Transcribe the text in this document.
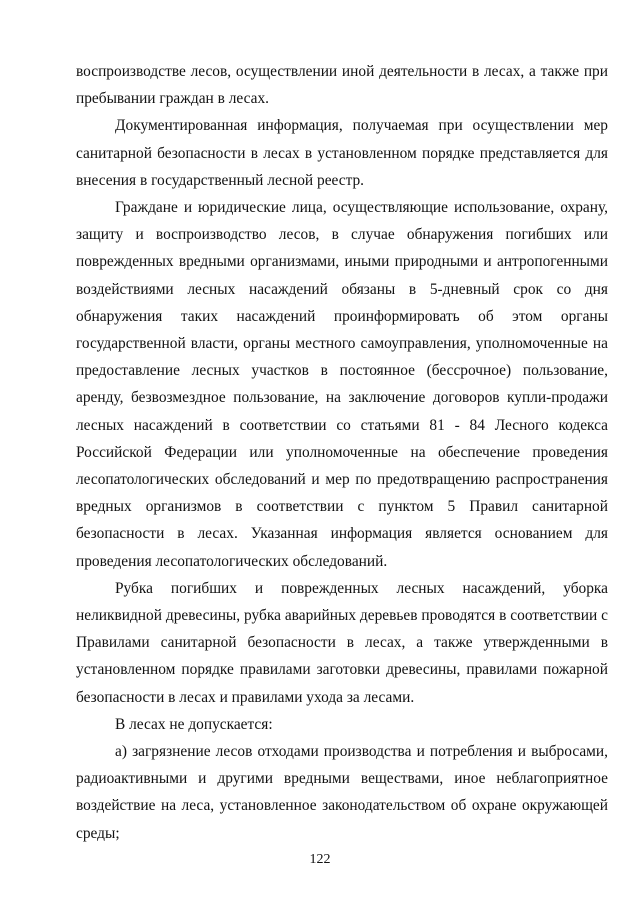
воспроизводстве лесов, осуществлении иной деятельности в лесах, а также при пребывании граждан в лесах.

Документированная информация, получаемая при осуществлении мер санитарной безопасности в лесах в установленном порядке представляется для внесения в государственный лесной реестр.

Граждане и юридические лица, осуществляющие использование, охрану, защиту и воспроизводство лесов, в случае обнаружения погибших или поврежденных вредными организмами, иными природными и антропогенными воздействиями лесных насаждений обязаны в 5-дневный срок со дня обнаружения таких насаждений проинформировать об этом органы государственной власти, органы местного самоуправления, уполномоченные на предоставление лесных участков в постоянное (бессрочное) пользование, аренду, безвозмездное пользование, на заключение договоров купли-продажи лесных насаждений в соответствии со статьями 81 - 84 Лесного кодекса Российской Федерации или уполномоченные на обеспечение проведения лесопатологических обследований и мер по предотвращению распространения вредных организмов в соответствии с пунктом 5 Правил санитарной безопасности в лесах. Указанная информация является основанием для проведения лесопатологических обследований.

Рубка погибших и поврежденных лесных насаждений, уборка неликвидной древесины, рубка аварийных деревьев проводятся в соответствии с Правилами санитарной безопасности в лесах, а также утвержденными в установленном порядке правилами заготовки древесины, правилами пожарной безопасности в лесах и правилами ухода за лесами.

В лесах не допускается:

а) загрязнение лесов отходами производства и потребления и выбросами, радиоактивными и другими вредными веществами, иное неблагоприятное воздействие на леса, установленное законодательством об охране окружающей среды;

122
